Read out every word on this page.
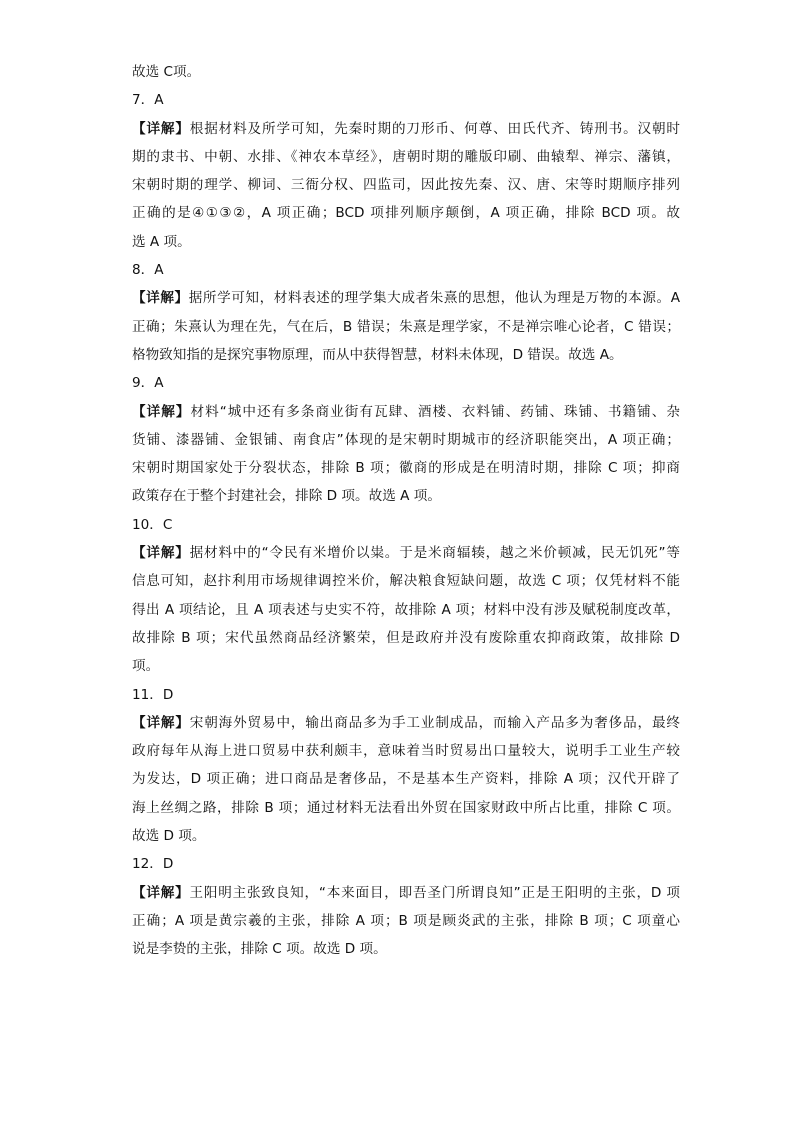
故选 C项。
7．A
【详解】根据材料及所学可知，先秦时期的刀形币、何尊、田氏代齐、铸刑书。汉朝时
期的隶书、中朝、水排、《神农本草经》，唐朝时期的雕版印刷、曲辕犁、禅宗、藩镇，
宋朝时期的理学、柳词、三衙分权、四监司，因此按先秦、汉、唐、宋等时期顺序排列
正确的是④①③②，A 项正确；BCD 项排列顺序颠倒，A 项正确，排除 BCD 项。故
选 A 项。
8．A
【详解】据所学可知，材料表述的理学集大成者朱熹的思想，他认为理是万物的本源。A
正确；朱熹认为理在先，气在后，B 错误；朱熹是理学家，不是禅宗唯心论者，C 错误；
格物致知指的是探究事物原理，而从中获得智慧，材料未体现，D 错误。故选 A。
9．A
【详解】材料“城中还有多条商业街有瓦肆、酒楼、衣料铺、药铺、珠铺、书籍铺、杂
货铺、漆器铺、金银铺、南食店”体现的是宋朝时期城市的经济职能突出，A 项正确；
宋朝时期国家处于分裂状态，排除 B 项；徽商的形成是在明清时期，排除 C 项；抑商
政策存在于整个封建社会，排除 D 项。故选 A 项。
10．C
【详解】据材料中的“令民有米增价以粜。于是米商辐辏，越之米价顿减，民无饥死”等
信息可知，赵抃利用市场规律调控米价，解决粮食短缺问题，故选 C 项；仅凭材料不能
得出 A 项结论，且 A 项表述与史实不符，故排除 A 项；材料中没有涉及赋税制度改革，
故排除 B 项；宋代虽然商品经济繁荣，但是政府并没有废除重农抑商政策，故排除 D
项。
11．D
【详解】宋朝海外贸易中，输出商品多为手工业制成品，而输入产品多为奢侈品，最终
政府每年从海上进口贸易中获利颇丰，意味着当时贸易出口量较大，说明手工业生产较
为发达，D 项正确；进口商品是奢侈品，不是基本生产资料，排除 A 项；汉代开辟了
海上丝绸之路，排除 B 项；通过材料无法看出外贸在国家财政中所占比重，排除 C 项。
故选 D 项。
12．D
【详解】王阳明主张致良知，“本来面目，即吾圣门所谓良知”正是王阳明的主张，D 项
正确；A 项是黄宗羲的主张，排除 A 项；B 项是顾炎武的主张，排除 B 项；C 项童心
说是李贽的主张，排除 C 项。故选 D 项。
